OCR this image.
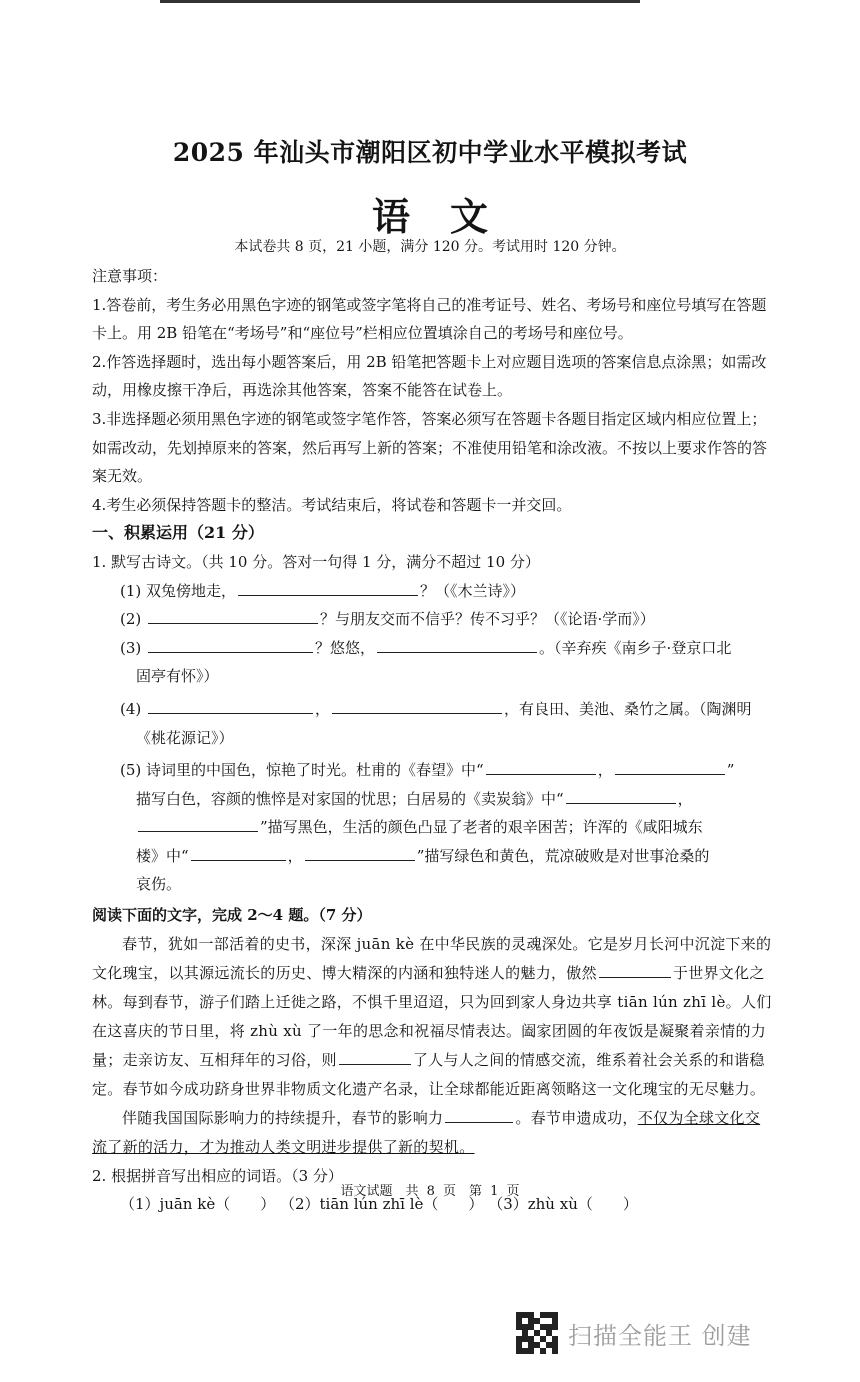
2025 年汕头市潮阳区初中学业水平模拟考试
语文
本试卷共 8 页，21 小题，满分 120 分。考试用时 120 分钟。
注意事项：
1.答卷前，考生务必用黑色字迹的钢笔或签字笔将自己的准考证号、姓名、考场号和座位号填写在答题卡上。用 2B 铅笔在“考场号”和“座位号”栏相应位置填涂自己的考场号和座位号。
2.作答选择题时，选出每小题答案后，用 2B 铅笔把答题卡上对应题目选项的答案信息点涂黑；如需改动，用橡皮擦干净后，再选涂其他答案，答案不能答在试卷上。
3.非选择题必须用黑色字迹的钢笔或签字笔作答，答案必须写在答题卡各题目指定区域内相应位置上；如需改动，先划掉原来的答案，然后再写上新的答案；不准使用铅笔和涂改液。不按以上要求作答的答案无效。
4.考生必须保持答题卡的整洁。考试结束后，将试卷和答题卡一并交回。
一、积累运用（21 分）
1. 默写古诗文。（共 10 分。答对一句得 1 分，满分不超过 10 分）
(1) 双兔傍地走，	？（《木兰诗》）
(2)	？与朋友交而不信乎？传不习乎？（《论语·学而》）
(3)	？悠悠，	。（辛弃疾《南乡子·登京口北
固亭有怀》）
(4)	，	，有良田、美池、桑竹之属。（陶渊明
《桃花源记》）
(5) 诗词里的中国色，惊艳了时光。杜甫的《春望》中“	，	”
描写白色，容颜的憔悴是对家国的忧思；白居易的《卖炭翁》中“	，
”描写黑色，生活的颜色凸显了老者的艰辛困苦；许浑的《咸阳城东
楼》中“	，	”描写绿色和黄色，荒凉破败是对世事沧桑的
哀伤。
阅读下面的文字，完成 2～4 题。（7 分）
春节，犹如一部活着的史书，深深 juān kè 在中华民族的灵魂深处。它是岁月长河中沉淀下来的文化瑰宝，以其源远流长的历史、博大精深的内涵和独特迷人的魅力，傲然	于世界文化之林。每到春节，游子们踏上迁徙之路，不惧千里迢迢，只为回到家人身边共享 tiān lún zhī lè。人们在这喜庆的节日里，将 zhù xù 了一年的思念和祝福尽情表达。阖家团圆的年夜饭是凝聚着亲情的力量；走亲访友、互相拜年的习俗，则	了人与人之间的情感交流，维系着社会关系的和谐稳定。春节如今成功跻身世界非物质文化遗产名录，让全球都能近距离领略这一文化瑰宝的无尽魅力。
伴随我国国际影响力的持续提升，春节的影响力	。春节申遗成功，不仅为全球文化交流了新的活力，才为推动人类文明进步提供了新的契机。
2. 根据拼音写出相应的词语。（3 分）
（1）juān kè（　　） （2）tiān lún zhī lè（　　） （3）zhù xù（　　）
语文试题　共 8 页　第 1 页
扫描全能王 创建
